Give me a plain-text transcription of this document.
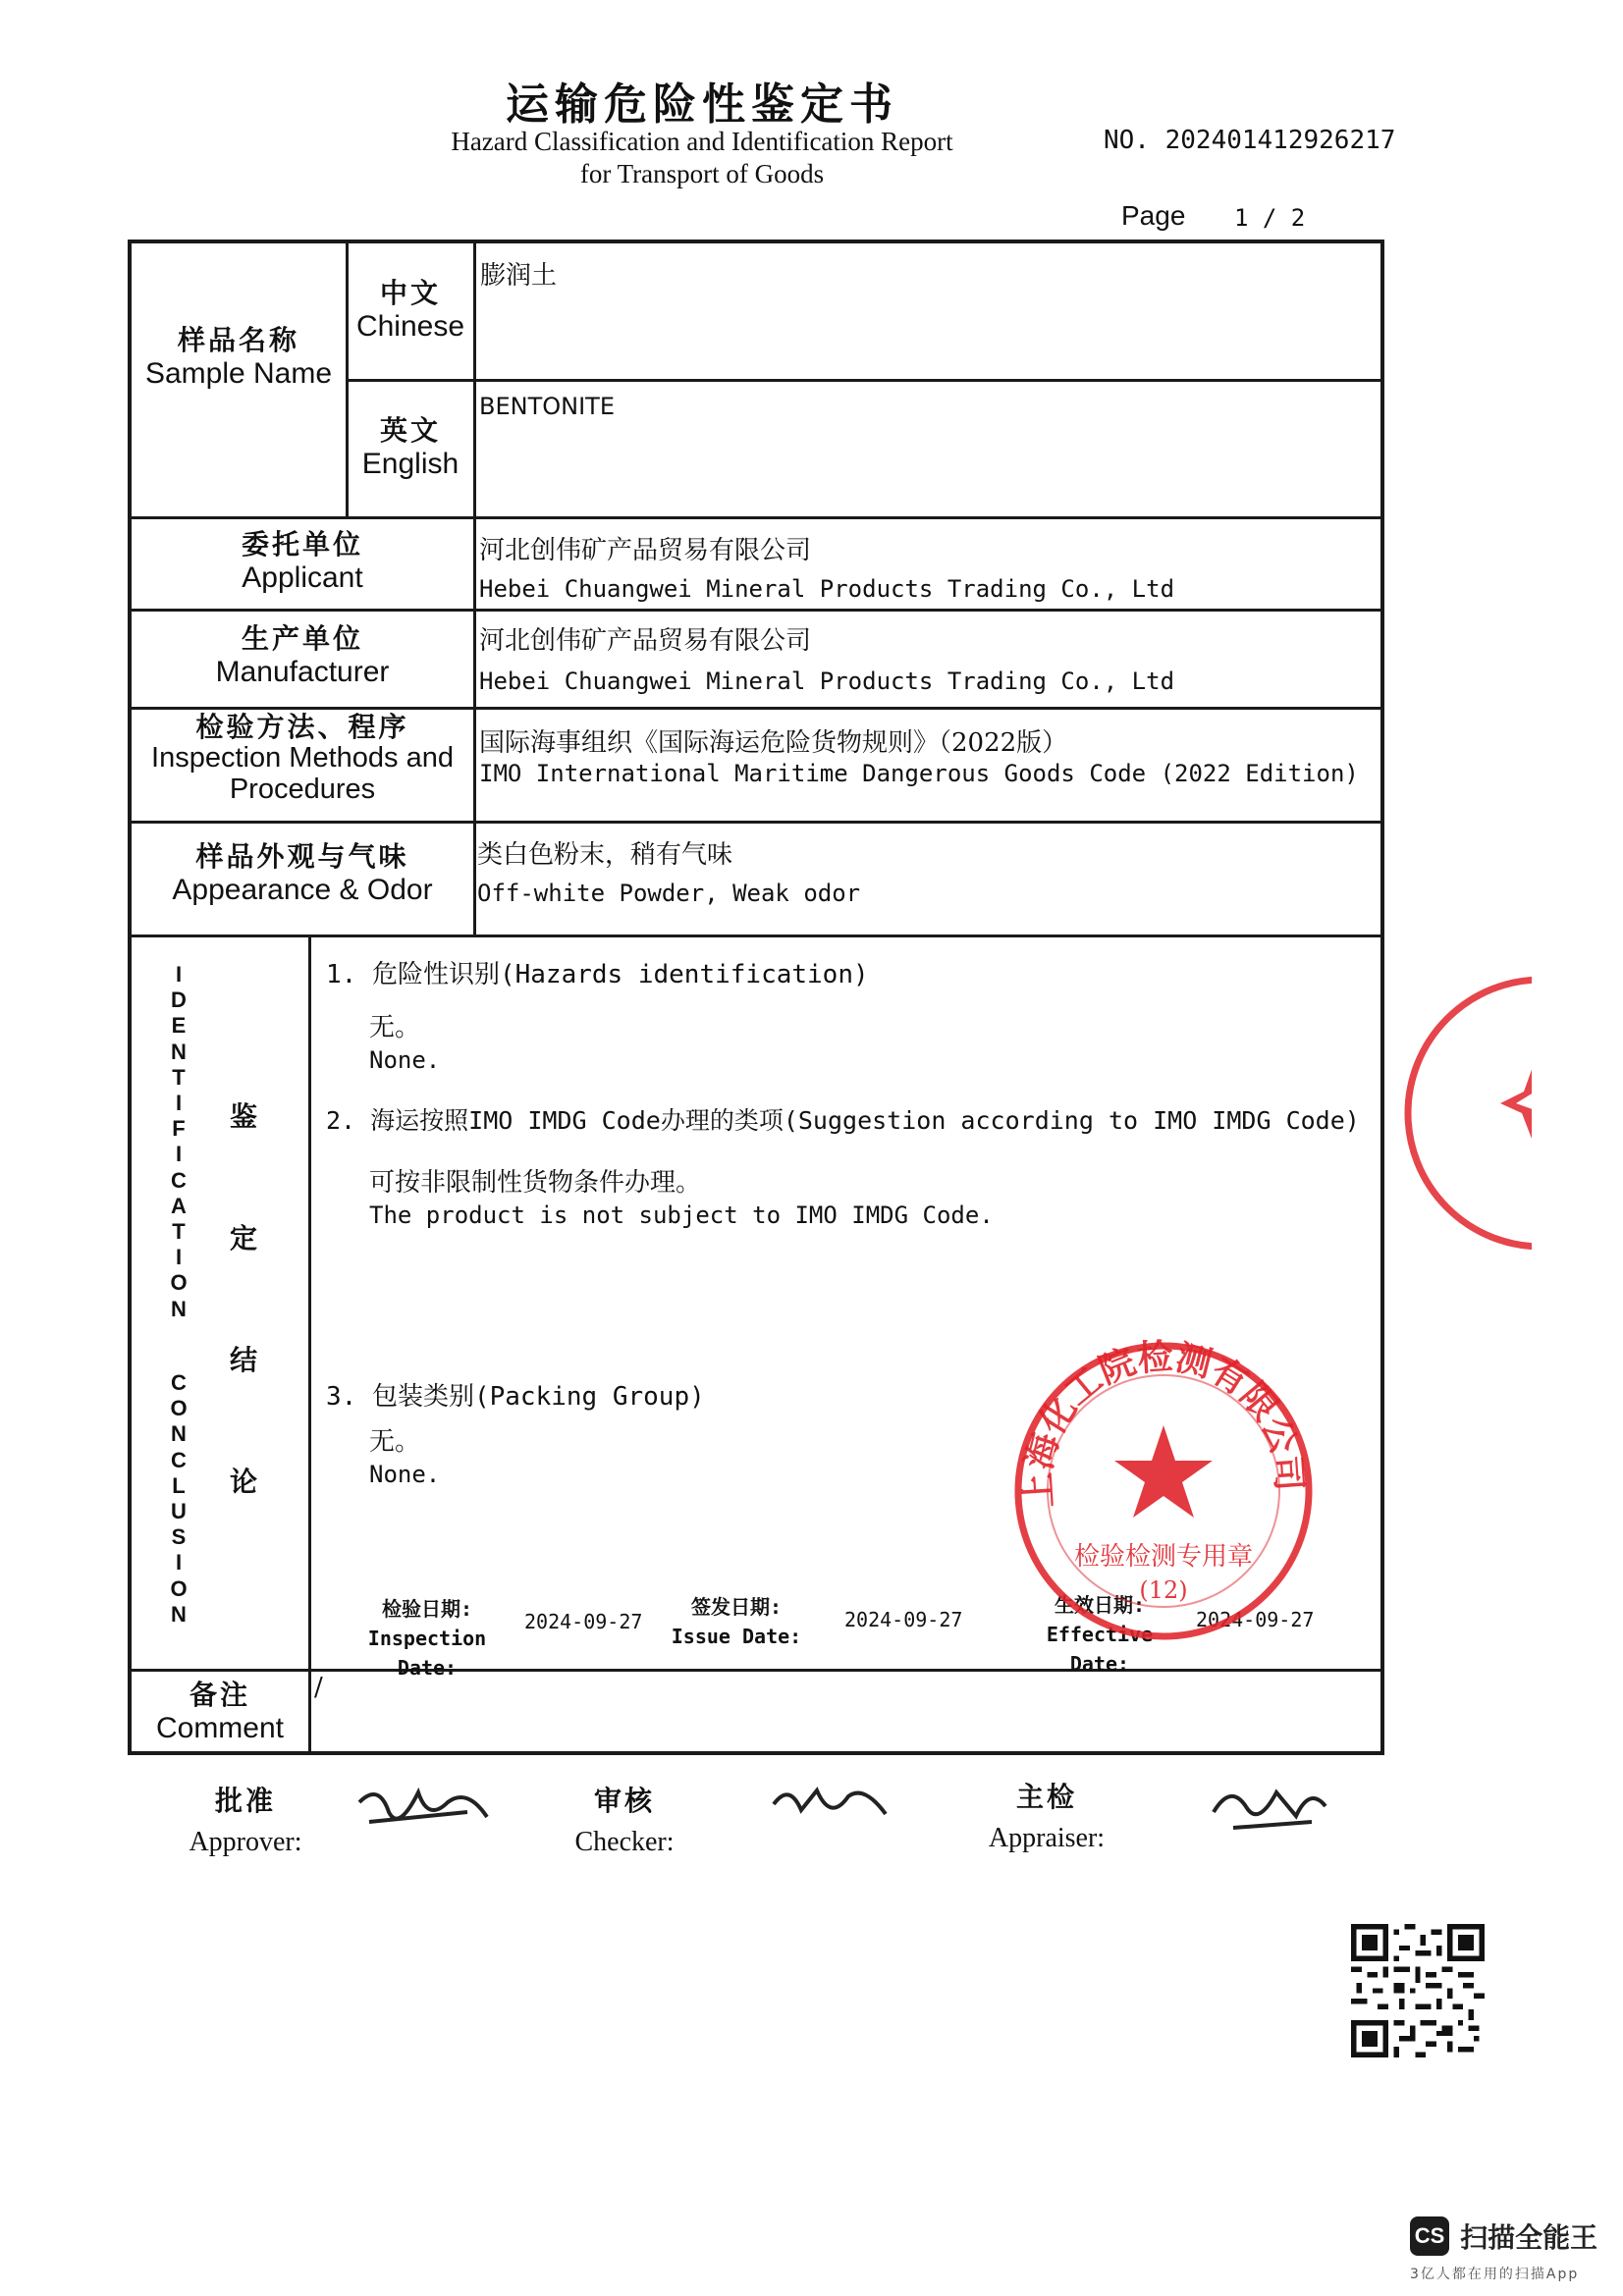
运输危险性鉴定书
Hazard Classification and Identification Report
for Transport of Goods
NO. 202401412926217
Page 1 / 2
样品名称
Sample Name
中文
Chinese
膨润土
英文
English
BENTONITE
委托单位
Applicant
河北创伟矿产品贸易有限公司
Hebei Chuangwei Mineral Products Trading Co., Ltd
生产单位
Manufacturer
河北创伟矿产品贸易有限公司
Hebei Chuangwei Mineral Products Trading Co., Ltd
检验方法、程序
Inspection Methods and
Procedures
国际海事组织《国际海运危险货物规则》（2022版）
IMO International Maritime Dangerous Goods Code (2022 Edition)
样品外观与气味
Appearance & Odor
类白色粉末，稍有气味
Off-white Powder, Weak odor
I
D
E
N
T
I
F
I
C
A
T
I
O
N
C
O
N
C
L
U
S
I
O
N
鉴
定
结
论
1. 危险性识别(Hazards identification)
无。
None.
2. 海运按照IMO IMDG Code办理的类项(Suggestion according to IMO IMDG Code)
可按非限制性货物条件办理。
The product is not subject to IMO IMDG Code.
3. 包装类别(Packing Group)
无。
None.
检验日期:
Inspection Date:
2024-09-27
签发日期:
Issue Date:
2024-09-27
生效日期:
Effective Date:
2024-09-27
备注
Comment
/
批准
Approver:
审核
Checker:
主检
Appraiser:
上海化工院检测有限公司
检验检测专用章
(12)
CS 扫描全能王
3亿人都在用的扫描App
